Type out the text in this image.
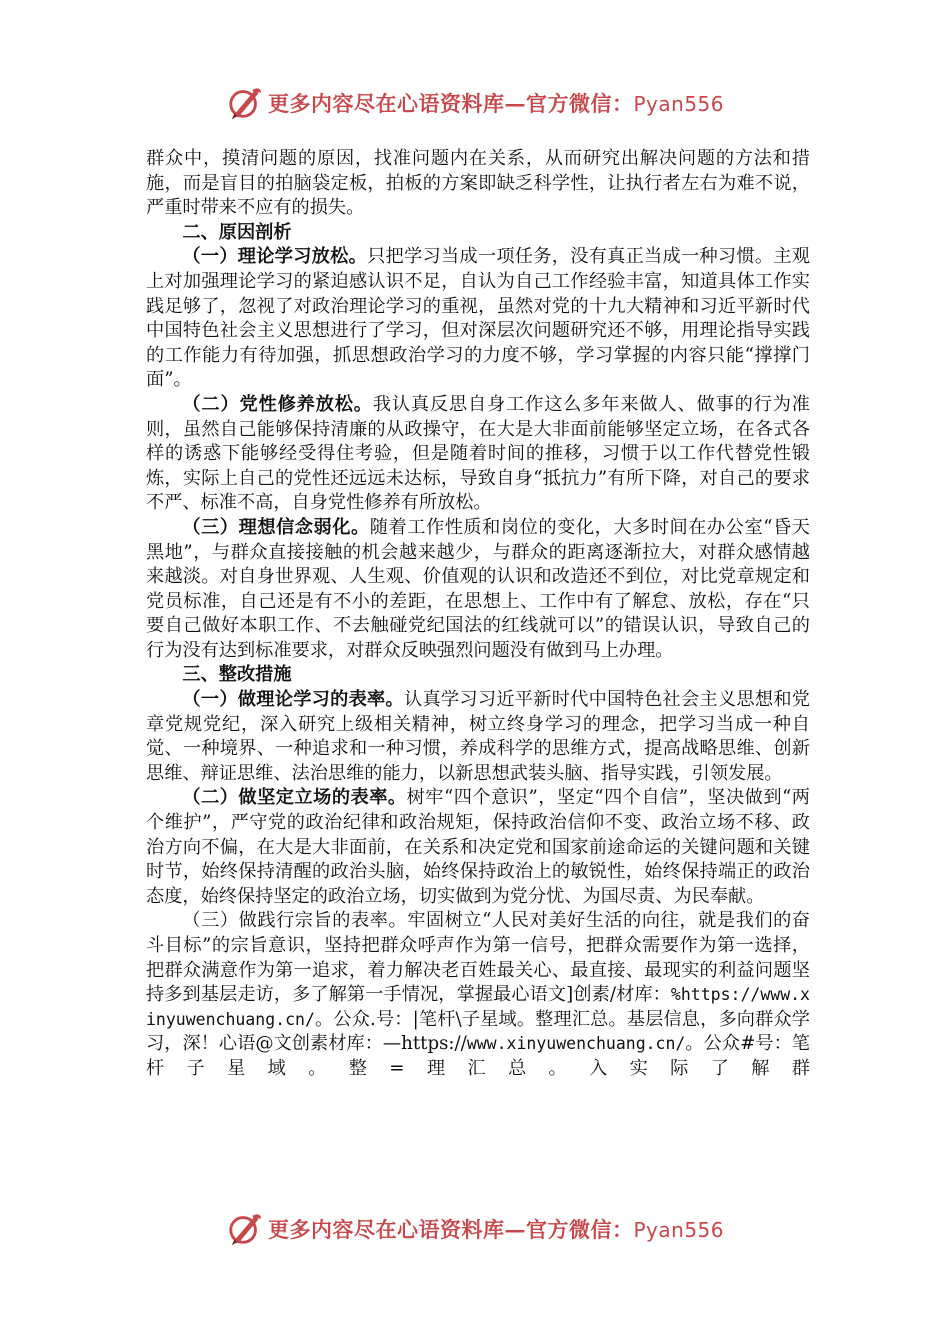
更多内容尽在心语资料库—官方微信：Pyan556

群众中，摸清问题的原因，找准问题内在关系，从而研究出解决问题的方法和措施，而是盲目的拍脑袋定板，拍板的方案即缺乏科学性，让执行者左右为难不说，严重时带来不应有的损失。

二、原因剖析

（一）理论学习放松。只把学习当成一项任务，没有真正当成一种习惯。主观上对加强理论学习的紧迫感认识不足，自认为自己工作经验丰富，知道具体工作实践足够了，忽视了对政治理论学习的重视，虽然对党的十九大精神和习近平新时代中国特色社会主义思想进行了学习，但对深层次问题研究还不够，用理论指导实践的工作能力有待加强，抓思想政治学习的力度不够，学习掌握的内容只能“撑撑门面”。

（二）党性修养放松。我认真反思自身工作这么多年来做人、做事的行为准则，虽然自己能够保持清廉的从政操守，在大是大非面前能够坚定立场，在各式各样的诱惑下能够经受得住考验，但是随着时间的推移，习惯于以工作代替党性锻炼，实际上自己的党性还远远未达标，导致自身“抵抗力”有所下降，对自己的要求不严、标准不高，自身党性修养有所放松。

（三）理想信念弱化。随着工作性质和岗位的变化，大多时间在办公室“昏天黑地”，与群众直接接触的机会越来越少，与群众的距离逐渐拉大，对群众感情越来越淡。对自身世界观、人生观、价值观的认识和改造还不到位，对比党章规定和党员标准，自己还是有不小的差距，在思想上、工作中有了解怠、放松，存在“只要自己做好本职工作、不去触碰党纪国法的红线就可以”的错误认识，导致自己的行为没有达到标准要求，对群众反映强烈问题没有做到马上办理。

三、整改措施

（一）做理论学习的表率。认真学习习近平新时代中国特色社会主义思想和党章党规党纪，深入研究上级相关精神，树立终身学习的理念，把学习当成一种自觉、一种境界、一种追求和一种习惯，养成科学的思维方式，提高战略思维、创新思维、辩证思维、法治思维的能力，以新思想武装头脑、指导实践，引领发展。

（二）做坚定立场的表率。树牢“四个意识”，坚定“四个自信”，坚决做到“两个维护”，严守党的政治纪律和政治规矩，保持政治信仰不变、政治立场不移、政治方向不偏，在大是大非面前，在关系和决定党和国家前途命运的关键问题和关键时节，始终保持清醒的政治头脑，始终保持政治上的敏锐性，始终保持端正的政治态度，始终保持坚定的政治立场，切实做到为党分忧、为国尽责、为民奉献。

（三）做践行宗旨的表率。牢固树立“人民对美好生活的向往，就是我们的奋斗目标”的宗旨意识，坚持把群众呼声作为第一信号，把群众需要作为第一选择，把群众满意作为第一追求，着力解决老百姓最关心、最直接、最现实的利益问题坚持多到基层走访，多了解第一手情况，掌握最心语文]创素/材库：%https://www.xinyuwenchuang.cn/。公众.号：|笔杆\子星域。整理汇总。基层信息，多向群众学习，深！心语@文创素材库：—https://www.xinyuwenchuang.cn/。公众#号：笔杆子星域。整=理汇总。入实际了解群

更多内容尽在心语资料库—官方微信：Pyan556
